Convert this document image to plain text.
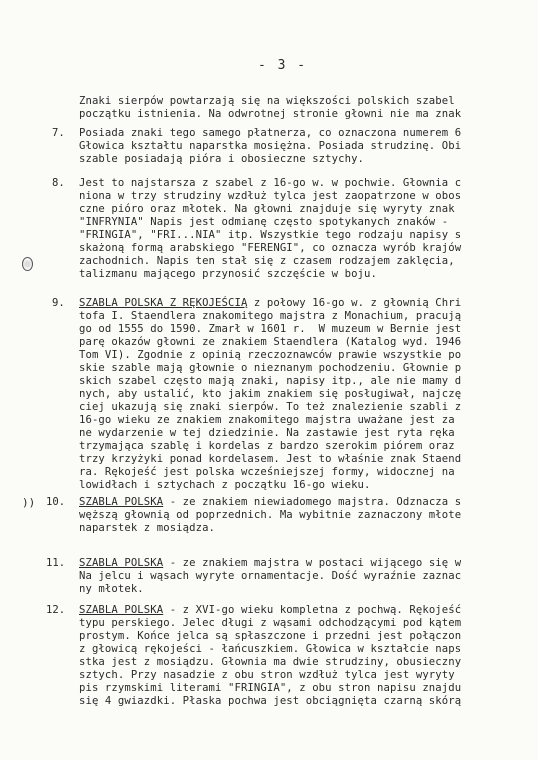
- 3 -
))
Znaki sierpów powtarzają się na większości polskich szabel
początku istnienia. Na odwrotnej stronie głowni nie ma znak
7. Posiada znaki tego samego płatnerza, co oznaczona numerem 6
Głowica kształtu naparstka mosiężna. Posiada strudzinę. Obi
szable posiadają pióra i obosieczne sztychy.
8. Jest to najstarsza z szabel z 16-go w. w pochwie. Głownia c
niona w trzy strudziny wzdłuż tylca jest zaopatrzone w obos
czne pióro oraz młotek. Na głowni znajduje się wyryty znak
"INFRYNIA" Napis jest odmianę często spotykanych znaków -
"FRINGIA", "FRI...NIA" itp. Wszystkie tego rodzaju napisy s
skażoną formą arabskiego "FERENGI", co oznacza wyrób krajów
zachodnich. Napis ten stał się z czasem rodzajem zaklęcia,
talizmanu mającego przynosić szczęście w boju.
9. SZABLA POLSKA Z RĘKOJEŚCIĄ z połowy 16-go w. z głownią Chri
tofa I. Staendlera znakomitego majstra z Monachium, pracują
go od 1555 do 1590. Zmarł w 1601 r.  W muzeum w Bernie jest
parę okazów głowni ze znakiem Staendlera (Katalog wyd. 1946
Tom VI). Zgodnie z opinią rzeczoznawców prawie wszystkie po
skie szable mają głownie o nieznanym pochodzeniu. Głownie p
skich szabel często mają znaki, napisy itp., ale nie mamy d
nych, aby ustalić, kto jakim znakiem się posługiwał, najczę
ciej ukazują się znaki sierpów. To też znalezienie szabli z
16-go wieku ze znakiem znakomitego majstra uważane jest za
ne wydarzenie w tej dziedzinie. Na zastawie jest ryta ręka
trzymająca szablę i kordelas z bardzo szerokim piórem oraz
trzy krzyżyki ponad kordelasem. Jest to właśnie znak Staend
ra. Rękojeść jest polska wcześniejszej formy, widocznej na
lowidłach i sztychach z początku 16-go wieku.
10. SZABLA POLSKA - ze znakiem niewiadomego majstra. Odznacza s
węższą głownią od poprzednich. Ma wybitnie zaznaczony młote
naparstek z mosiądza.
11. SZABLA POLSKA - ze znakiem majstra w postaci wijącego się w
Na jelcu i wąsach wyryte ornamentacje. Dość wyraźnie zaznac
ny młotek.
12. SZABLA POLSKA - z XVI-go wieku kompletna z pochwą. Rękojeść
typu perskiego. Jelec długi z wąsami odchodzącymi pod kątem
prostym. Końce jelca są spłaszczone i przedni jest połączon
z głowicą rękojeści - łańcuszkiem. Głowica w kształcie naps
stka jest z mosiądzu. Głownia ma dwie strudziny, obusieczny
sztych. Przy nasadzie z obu stron wzdłuż tylca jest wyryty
pis rzymskimi literami "FRINGIA", z obu stron napisu znajdu
się 4 gwiazdki. Płaska pochwa jest obciągnięta czarną skórą
